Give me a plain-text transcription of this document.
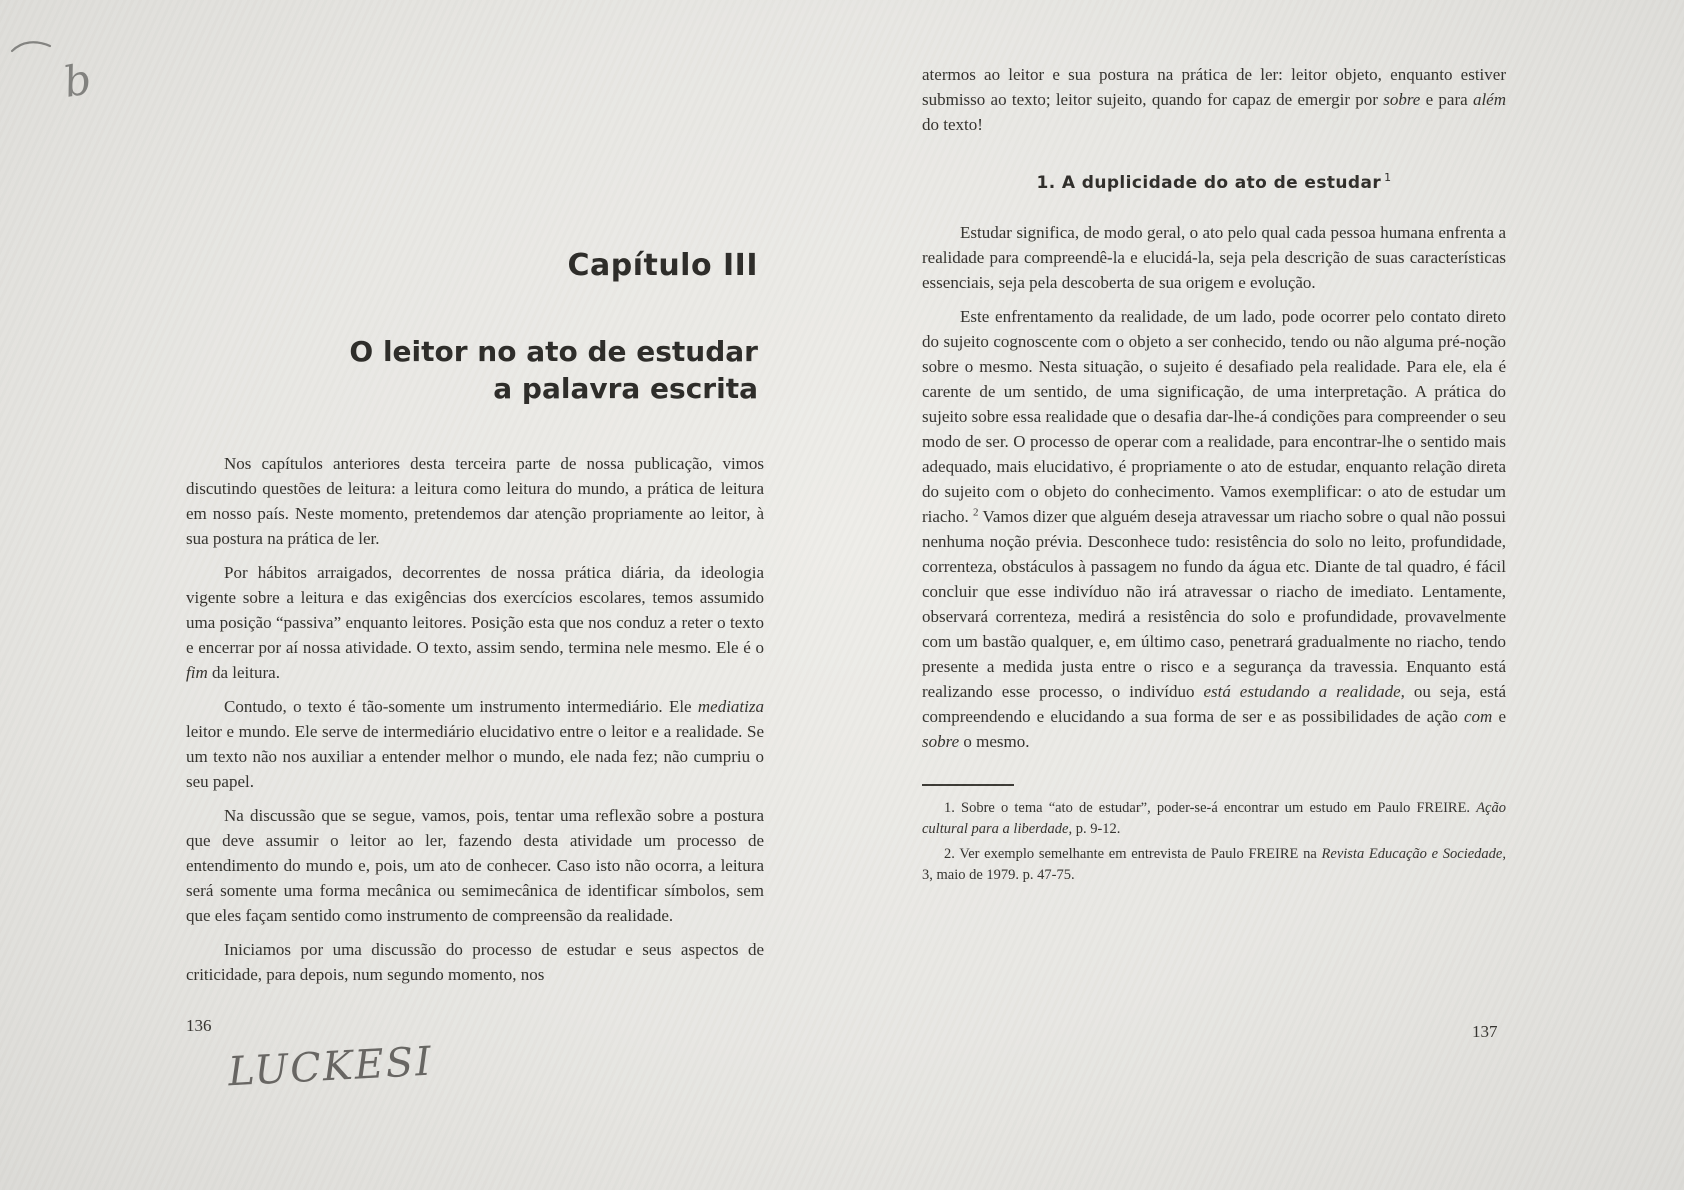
b
Capítulo III
O leitor no ato de estudar
a palavra escrita

Nos capítulos anteriores desta terceira parte de nossa publicação, vimos discutindo questões de leitura: a leitura como leitura do mundo, a prática de leitura em nosso país. Neste momento, pretendemos dar atenção propriamente ao leitor, à sua postura na prática de ler.

Por hábitos arraigados, decorrentes de nossa prática diária, da ideologia vigente sobre a leitura e das exigências dos exercícios escolares, temos assumido uma posição “passiva” enquanto leitores. Posição esta que nos conduz a reter o texto e encerrar por aí nossa atividade. O texto, assim sendo, termina nele mesmo. Ele é o fim da leitura.

Contudo, o texto é tão-somente um instrumento intermediário. Ele mediatiza leitor e mundo. Ele serve de intermediário elucidativo entre o leitor e a realidade. Se um texto não nos auxiliar a entender melhor o mundo, ele nada fez; não cumpriu o seu papel.

Na discussão que se segue, vamos, pois, tentar uma reflexão sobre a postura que deve assumir o leitor ao ler, fazendo desta atividade um processo de entendimento do mundo e, pois, um ato de conhecer. Caso isto não ocorra, a leitura será somente uma forma mecânica ou semimecânica de identificar símbolos, sem que eles façam sentido como instrumento de compreensão da realidade.

Iniciamos por uma discussão do processo de estudar e seus aspectos de criticidade, para depois, num segundo momento, nos

atermos ao leitor e sua postura na prática de ler: leitor objeto, enquanto estiver submisso ao texto; leitor sujeito, quando for capaz de emergir por sobre e para além do texto!

1. A duplicidade do ato de estudar $^1$

Estudar significa, de modo geral, o ato pelo qual cada pessoa humana enfrenta a realidade para compreendê-la e elucidá-la, seja pela descrição de suas características essenciais, seja pela descoberta de sua origem e evolução.

Este enfrentamento da realidade, de um lado, pode ocorrer pelo contato direto do sujeito cognoscente com o objeto a ser conhecido, tendo ou não alguma pré-noção sobre o mesmo. Nesta situação, o sujeito é desafiado pela realidade. Para ele, ela é carente de um sentido, de uma significação, de uma interpretação. A prática do sujeito sobre essa realidade que o desafia dar-lhe-á condições para compreender o seu modo de ser. O processo de operar com a realidade, para encontrar-lhe o sentido mais adequado, mais elucidativo, é propriamente o ato de estudar, enquanto relação direta do sujeito com o objeto do conhecimento. Vamos exemplificar: o ato de estudar um riacho. $^2$ Vamos dizer que alguém deseja atravessar um riacho sobre o qual não possui nenhuma noção prévia. Desconhece tudo: resistência do solo no leito, profundidade, correnteza, obstáculos à passagem no fundo da água etc. Diante de tal quadro, é fácil concluir que esse indivíduo não irá atravessar o riacho de imediato. Lentamente, observará correnteza, medirá a resistência do solo e profundidade, provavelmente com um bastão qualquer, e, em último caso, penetrará gradualmente no riacho, tendo presente a medida justa entre o risco e a segurança da travessia. Enquanto está realizando esse processo, o indivíduo está estudando a realidade, ou seja, está compreendendo e elucidando a sua forma de ser e as possibilidades de ação com e sobre o mesmo.

1. Sobre o tema “ato de estudar”, poder-se-á encontrar um estudo em Paulo FREIRE. Ação cultural para a liberdade, p. 9-12.

2. Ver exemplo semelhante em entrevista de Paulo FREIRE na Revista Educação e Sociedade, 3, maio de 1979. p. 47-75.

136	137
LUCKESI
